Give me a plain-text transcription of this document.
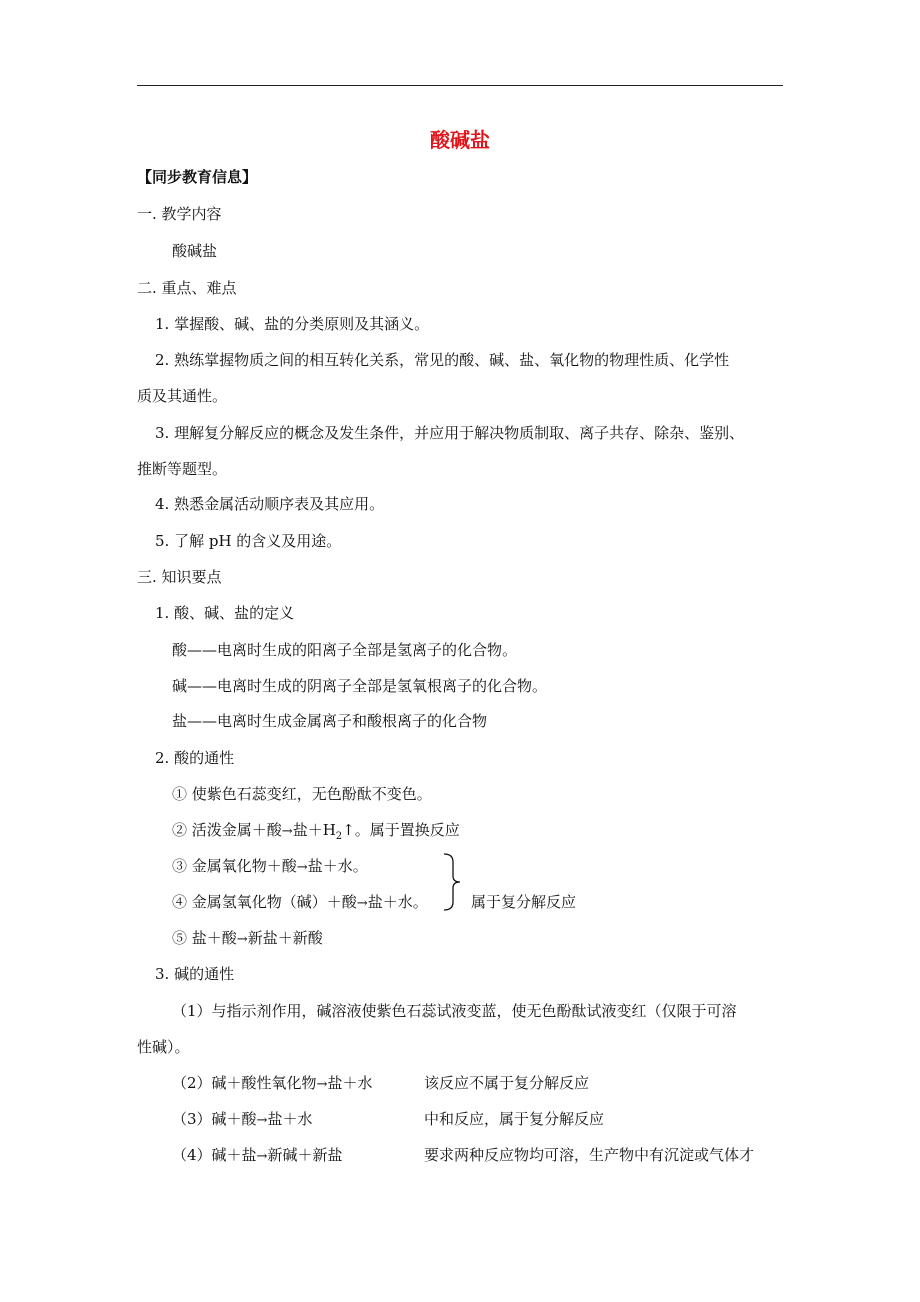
酸碱盐
【同步教育信息】
一. 教学内容
酸碱盐
二. 重点、难点
1. 掌握酸、碱、盐的分类原则及其涵义。
2. 熟练掌握物质之间的相互转化关系，常见的酸、碱、盐、氧化物的物理性质、化学性
质及其通性。
3. 理解复分解反应的概念及发生条件，并应用于解决物质制取、离子共存、除杂、鉴别、
推断等题型。
4. 熟悉金属活动顺序表及其应用。
5. 了解 pH 的含义及用途。
三. 知识要点
1. 酸、碱、盐的定义
酸——电离时生成的阳离子全部是氢离子的化合物。
碱——电离时生成的阴离子全部是氢氧根离子的化合物。
盐——电离时生成金属离子和酸根离子的化合物
2. 酸的通性
① 使紫色石蕊变红，无色酚酞不变色。
② 活泼金属＋酸→盐$+H_2↑$。属于置换反应
③ 金属氧化物＋酸→盐＋水。
④ 金属氢氧化物（碱）＋酸→盐＋水。	属于复分解反应
⑤ 盐＋酸→新盐＋新酸
3. 碱的通性
（1）与指示剂作用，碱溶液使紫色石蕊试液变蓝，使无色酚酞试液变红（仅限于可溶
性碱）。
（2）碱＋酸性氧化物→盐＋水	该反应不属于复分解反应
（3）碱＋酸→盐＋水	中和反应，属于复分解反应
（4）碱＋盐→新碱＋新盐	要求两种反应物均可溶，生产物中有沉淀或气体才
